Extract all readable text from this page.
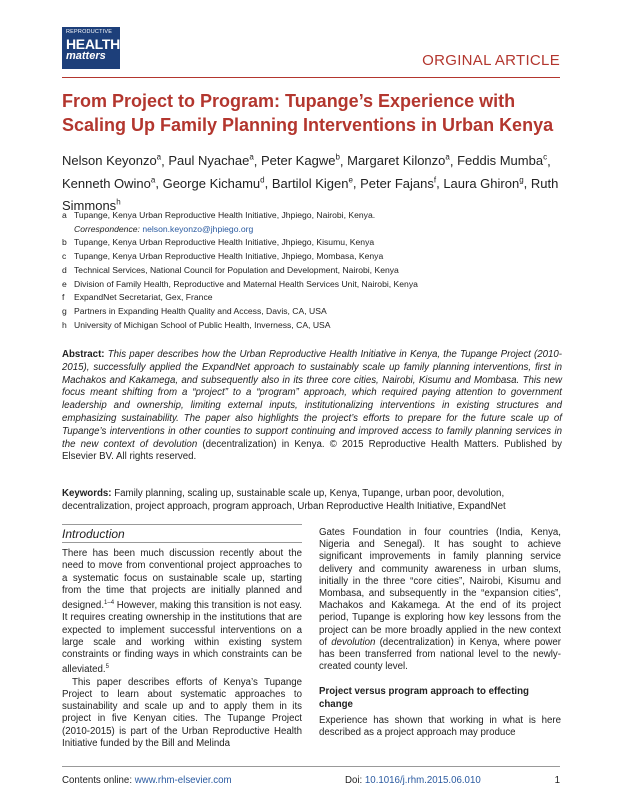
REPRODUCTIVE
HEALTH
matters	ORGINAL ARTICLE
From Project to Program: Tupange’s Experience with Scaling Up Family Planning Interventions in Urban Kenya
Nelson Keyonzo$^a$, Paul Nyachae$^a$, Peter Kagwe$^b$, Margaret Kilonzo$^a$, Feddis Mumba$^c$, Kenneth Owino$^a$, George Kichamu$^d$, Bartilol Kigen$^e$, Peter Fajans$^f$, Laura Ghiron$^g$, Ruth Simmons$^h$
a Tupange, Kenya Urban Reproductive Health Initiative, Jhpiego, Nairobi, Kenya.
Correspondence: nelson.keyonzo@jhpiego.org
b Tupange, Kenya Urban Reproductive Health Initiative, Jhpiego, Kisumu, Kenya
c Tupange, Kenya Urban Reproductive Health Initiative, Jhpiego, Mombasa, Kenya
d Technical Services, National Council for Population and Development, Nairobi, Kenya
e Division of Family Health, Reproductive and Maternal Health Services Unit, Nairobi, Kenya
f	ExpandNet Secretariat, Gex, France
g Partners in Expanding Health Quality and Access, Davis, CA, USA
h University of Michigan School of Public Health, Inverness, CA, USA
Abstract: This paper describes how the Urban Reproductive Health Initiative in Kenya, the Tupange Project (2010-2015), successfully applied the ExpandNet approach to sustainably scale up family planning interventions, first in Machakos and Kakamega, and subsequently also in its three core cities, Nairobi, Kisumu and Mombasa. This new focus meant shifting from a “project” to a “program” approach, which required paying attention to government leadership and ownership, limiting external inputs, institutionalizing interventions in existing structures and emphasizing sustainability. The paper also highlights the project’s efforts to prepare for the future scale up of Tupange’s interventions in other counties to support continuing and improved access to family planning services in the new context of devolution (decentralization) in Kenya. © 2015 Reproductive Health Matters. Published by Elsevier BV. All rights reserved.
Keywords: Family planning, scaling up, sustainable scale up, Kenya, Tupange, urban poor, devolution, decentralization, project approach, program approach, Urban Reproductive Health Initiative, ExpandNet
Introduction

There has been much discussion recently about the need to move from conventional project approaches to a systematic focus on sustainable scale up, starting from the time that projects are initially planned and designed.$^{1-4}$ However, making this transition is not easy. It requires creating ownership in the institutions that are expected to implement successful interventions on a large scale and working within existing system constraints or finding ways in which constraints can be alleviated.$^5$

This paper describes efforts of Kenya’s Tupange Project to learn about systematic approaches to sustainability and scale up and to apply them in its project in five Kenyan cities. The Tupange Project (2010-2015) is part of the Urban Reproductive Health Initiative funded by the Bill and Melinda

Gates Foundation in four countries (India, Kenya, Nigeria and Senegal). It has sought to achieve significant improvements in family planning service delivery and community awareness in urban slums, initially in the three “core cities”, Nairobi, Kisumu and Mombasa, and subsequently in the “expansion cities”, Machakos and Kakamega. At the end of its project period, Tupange is exploring how key lessons from the project can be more broadly applied in the new context of devolution (decentralization) in Kenya, where power has been transferred from national level to the newly-created county level.

Project versus program approach to effecting change

Experience has shown that working in what is here described as a project approach may produce

Contents online: www.rhm-elsevier.com	Doi: 10.1016/j.rhm.2015.06.010	1
